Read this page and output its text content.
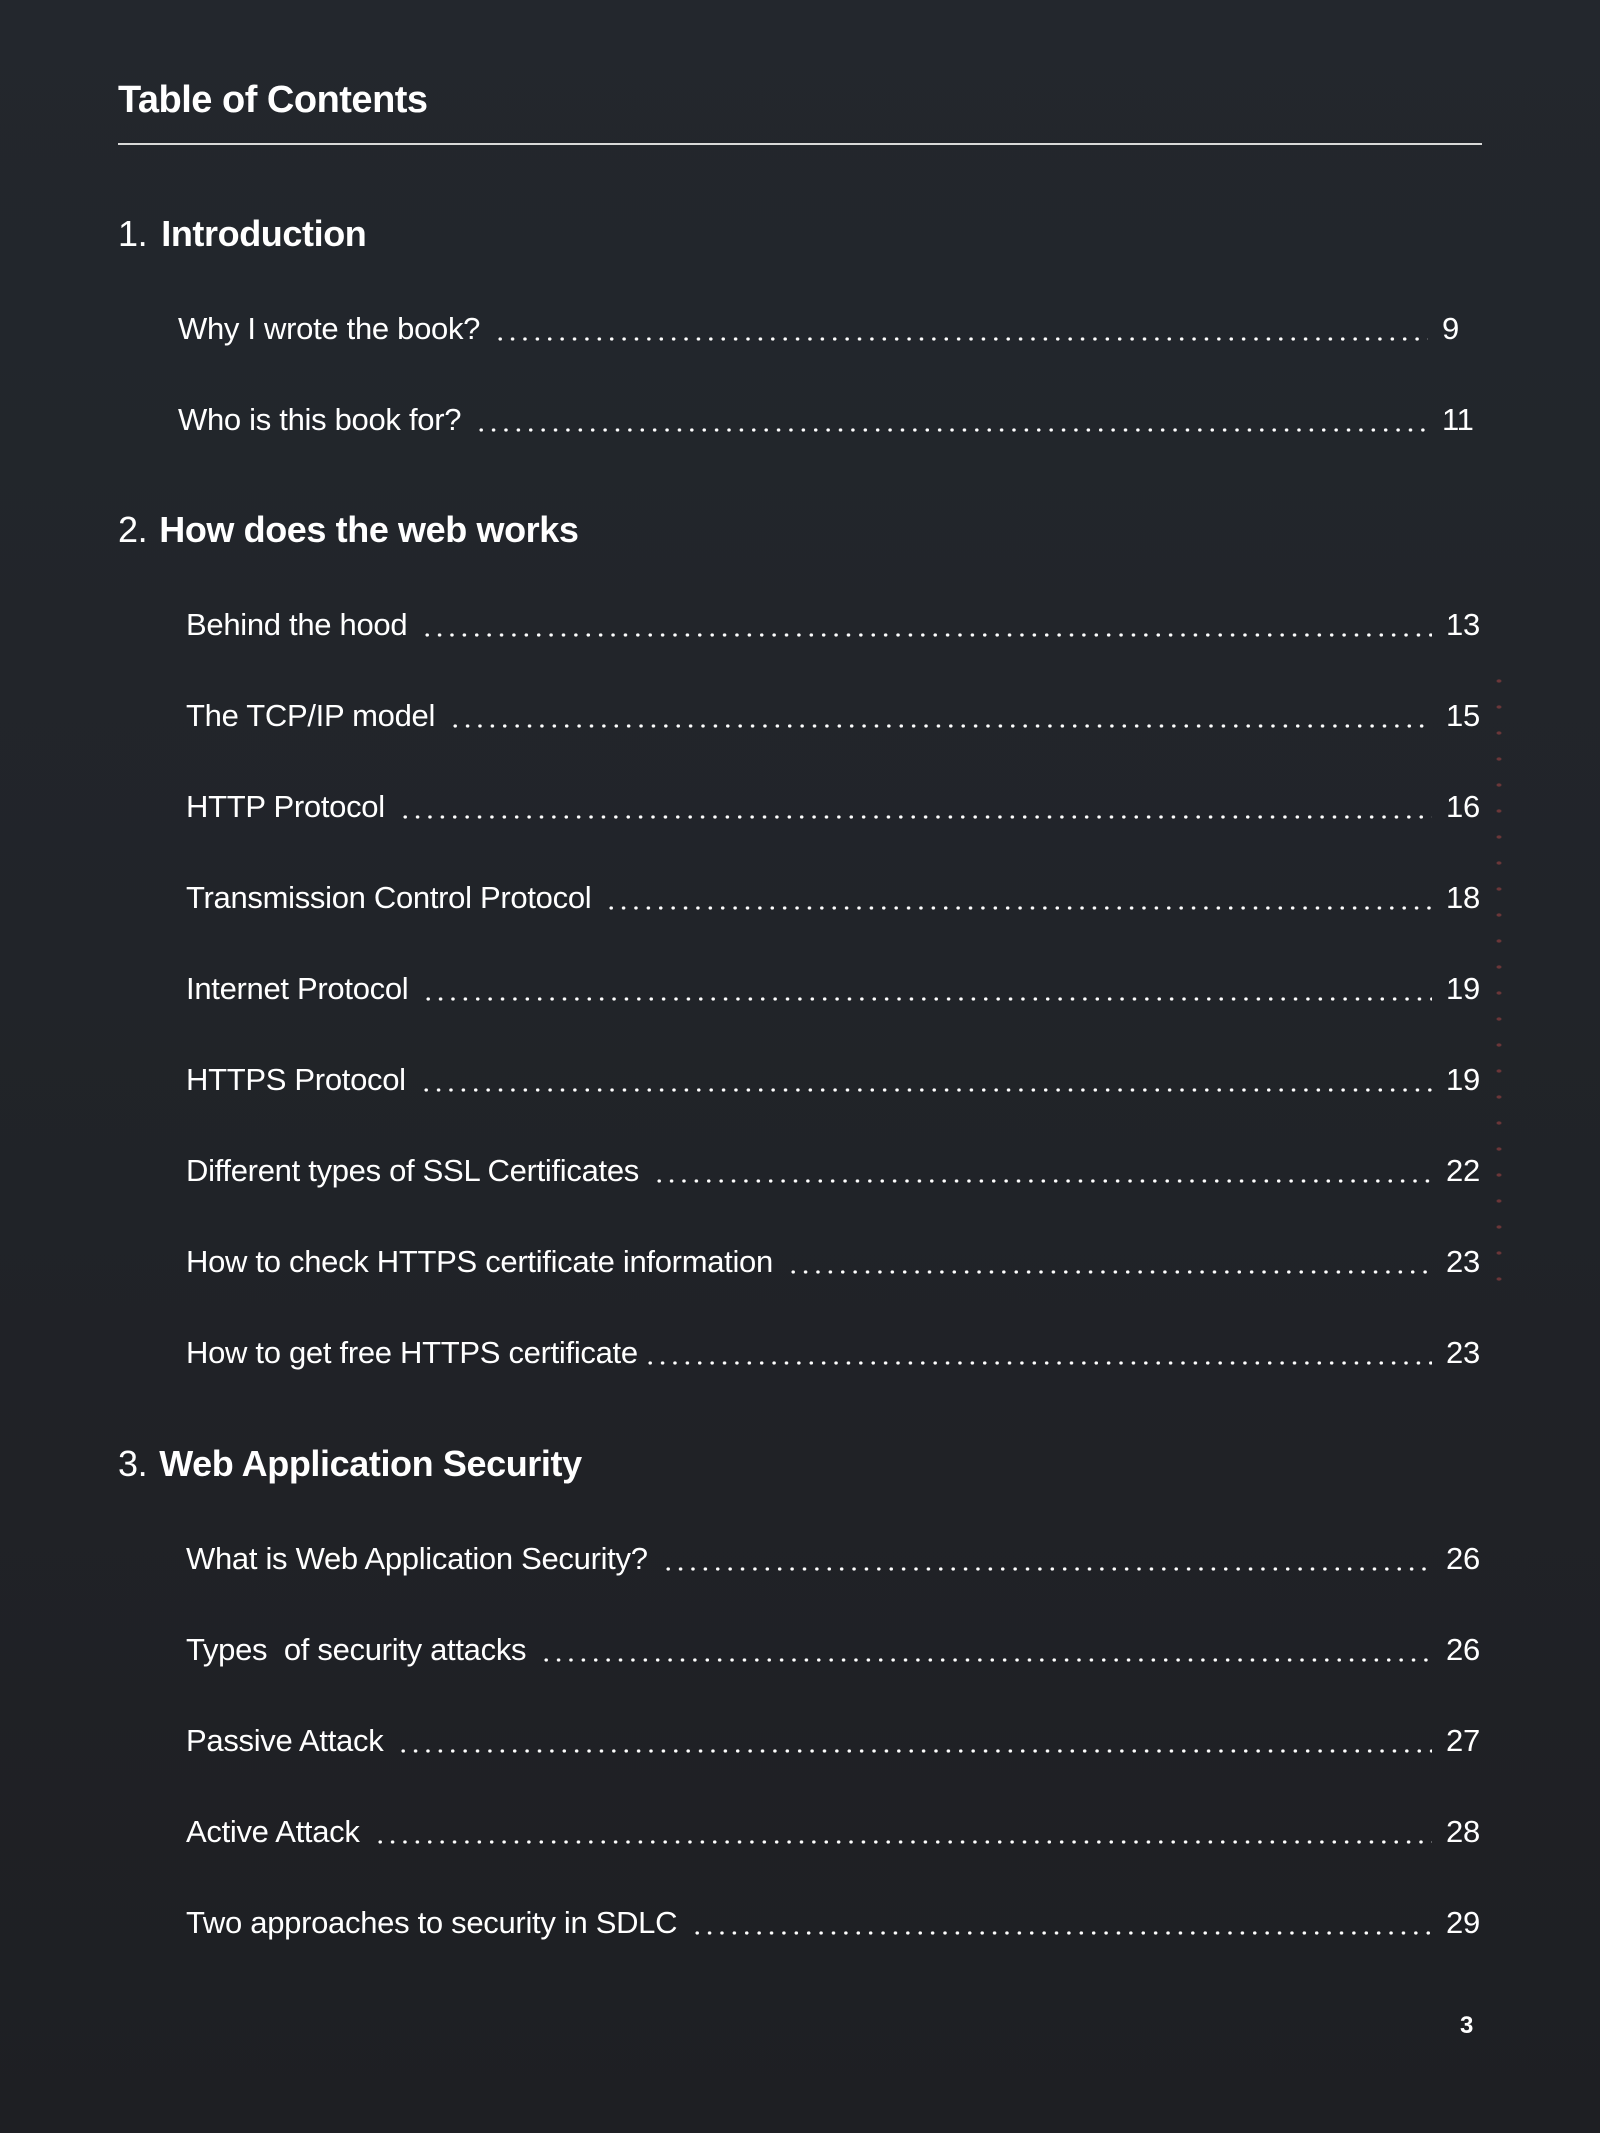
Table of Contents
1. Introduction
Why I wrote the book?	9
Who is this book for?	11
2. How does the web works
Behind the hood	13
The TCP/IP model	15
HTTP Protocol	16
Transmission Control Protocol	18
Internet Protocol	19
HTTPS Protocol	19
Different types of SSL Certificates	22
How to check HTTPS certificate information	23
How to get free HTTPS certificate	23
3. Web Application Security
What is Web Application Security?	26
Types  of security attacks	26
Passive Attack	27
Active Attack	28
Two approaches to security in SDLC	29
3
